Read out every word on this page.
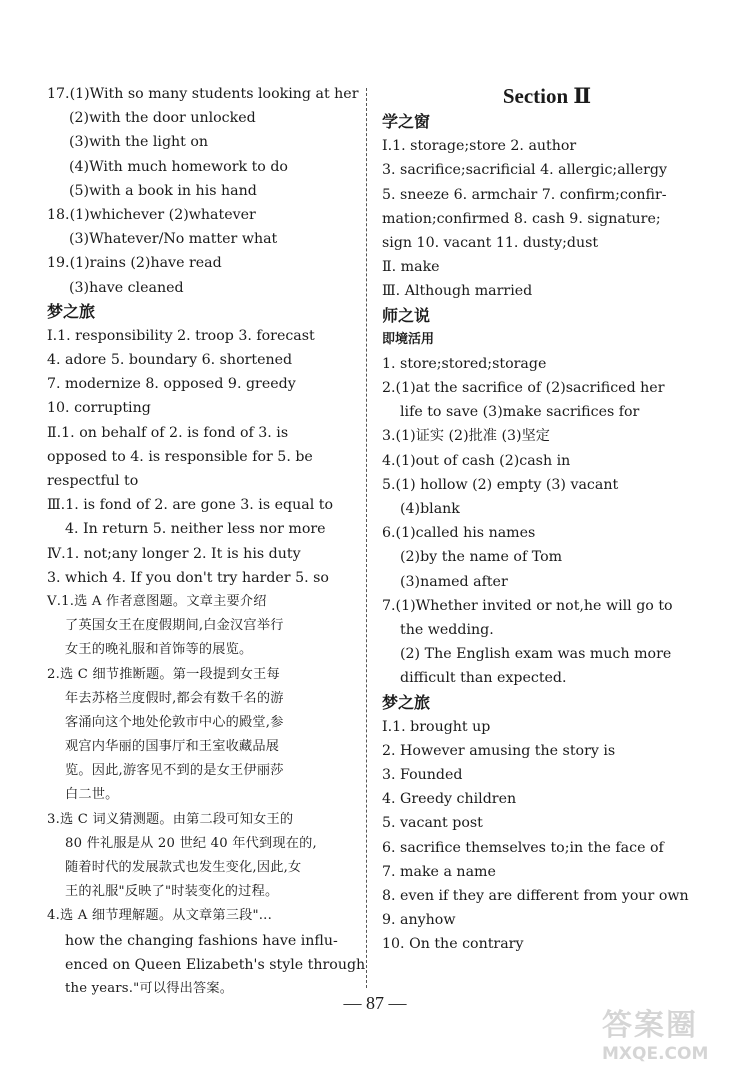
17.(1)With so many students looking at her
(2)with the door unlocked
(3)with the light on
(4)With much homework to do
(5)with a book in his hand
18.(1)whichever (2)whatever
(3)Whatever/No matter what
19.(1)rains (2)have read
(3)have cleaned
梦之旅
Ⅰ.1. responsibility 2. troop 3. forecast
4. adore 5. boundary 6. shortened
7. modernize 8. opposed 9. greedy
10. corrupting
Ⅱ.1. on behalf of 2. is fond of 3. is
opposed to 4. is responsible for 5. be
respectful to
Ⅲ.1. is fond of 2. are gone 3. is equal to
4. In return 5. neither less nor more
Ⅳ.1. not;any longer 2. It is his duty
3. which 4. If you don't try harder 5. so
Ⅴ.1.选 A 作者意图题。文章主要介绍
了英国女王在度假期间,白金汉宫举行
女王的晚礼服和首饰等的展览。
2.选 C 细节推断题。第一段提到女王每
年去苏格兰度假时,都会有数千名的游
客涌向这个地处伦敦市中心的殿堂,参
观宫内华丽的国事厅和王室收藏品展
览。因此,游客见不到的是女王伊丽莎
白二世。
3.选 C 词义猜测题。由第二段可知女王的
80 件礼服是从 20 世纪 40 年代到现在的,
随着时代的发展款式也发生变化,因此,女
王的礼服"反映了"时装变化的过程。
4.选 A 细节理解题。从文章第三段"...
how the changing fashions have influ-
enced on Queen Elizabeth's style through
the years."可以得出答案。
Section Ⅱ
学之窗
Ⅰ.1. storage;store 2. author
3. sacrifice;sacrificial 4. allergic;allergy
5. sneeze 6. armchair 7. confirm;confir-
mation;confirmed 8. cash 9. signature;
sign 10. vacant 11. dusty;dust
Ⅱ. make
Ⅲ. Although married
师之说
即境活用
1. store;stored;storage
2.(1)at the sacrifice of (2)sacrificed her
life to save (3)make sacrifices for
3.(1)证实 (2)批准 (3)坚定
4.(1)out of cash (2)cash in
5.(1) hollow (2) empty (3) vacant
(4)blank
6.(1)called his names
(2)by the name of Tom
(3)named after
7.(1)Whether invited or not,he will go to
the wedding.
(2) The English exam was much more
difficult than expected.
梦之旅
Ⅰ.1. brought up
2. However amusing the story is
3. Founded
4. Greedy children
5. vacant post
6. sacrifice themselves to;in the face of
7. make a name
8. even if they are different from your own
9. anyhow
10. On the contrary
— 87 —
答案圈
MXQE.COM
